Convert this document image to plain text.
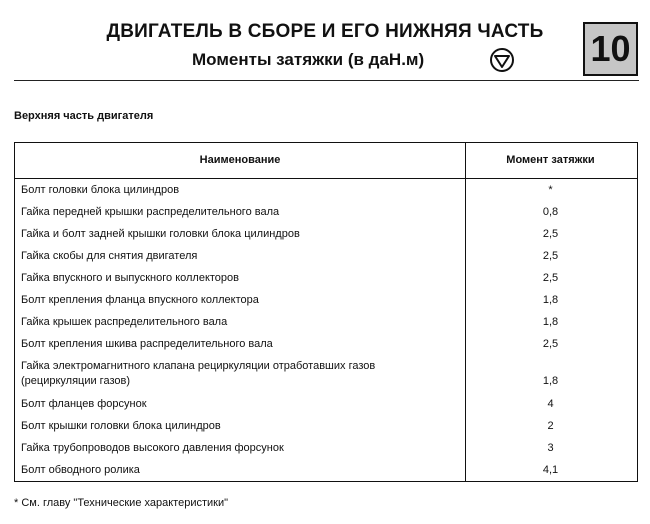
ДВИГАТЕЛЬ В СБОРЕ И ЕГО НИЖНЯЯ ЧАСТЬ
Моменты затяжки (в даН.м)	10
Верхняя часть двигателя
Наименование	Момент затяжки
Болт головки блока цилиндров	*
Гайка передней крышки распределительного вала	0,8
Гайка и болт задней крышки головки блока цилиндров	2,5
Гайка скобы для снятия двигателя	2,5
Гайка впускного и выпускного коллекторов	2,5
Болт крепления фланца впускного коллектора	1,8
Гайка крышек распределительного вала	1,8
Болт крепления шкива распределительного вала	2,5
Гайка электромагнитного клапана рециркуляции отработавших газов
(рециркуляции газов)	1,8
Болт фланцев форсунок	4
Болт крышки головки блока цилиндров	2
Гайка трубопроводов высокого давления форсунок	3
Болт обводного ролика	4,1
* См. главу "Технические характеристики"
